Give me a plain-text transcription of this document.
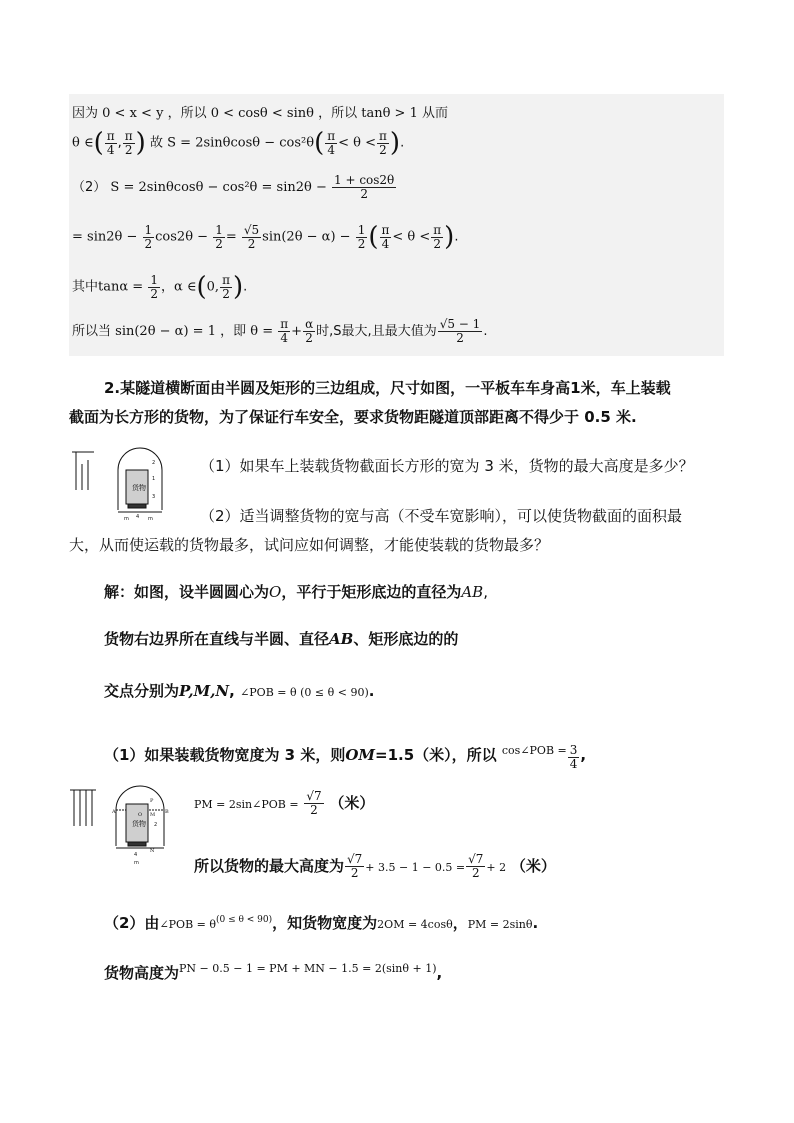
因为 0 < x < y ，所以 0 < cosθ < sinθ ，所以 tanθ > 1 从而
θ ∈( $\frac{\pi}{4}$ , $\frac{\pi}{2}$ ) 故 $S = 2\sin\theta\cos\theta - \cos^2\theta( \frac{\pi}{4} < \theta < \frac{\pi}{2}$ ).
（2） $S = 2\sin\theta\cos\theta - \cos^2\theta = \sin 2\theta - \frac{1 + \cos 2\theta}{2}$
= $\sin 2\theta - \frac{1}{2} \cos 2\theta - \frac{1}{2} = \frac{√5}{2} \sin(2\theta - \alpha) - \frac{1}{2}$ ( $\frac{\pi}{4} < \theta < \frac{\pi}{2}$ ).
其中$\tan\alpha = \frac{1}{2}$ ，α ∈(0, $\frac{\pi}{2}$ ).
所以当 sin(2θ − α) = 1 ，即 $\theta = \frac{\pi}{4} + \frac{\alpha}{2}$ 时,S最大,且最大值为 $\frac{√5 - 1}{2}$ .
2.某隧道横断面由半圆及矩形的三边组成，尺寸如图，一平板车车身高1米，车上装载
截面为长方形的货物，为了保证行车安全，要求货物距隧道顶部距离不得少于 0.5 米.
货物
2
1
3
4
m	m
（1）如果车上装载货物截面长方形的宽为 3 米，货物的最大高度是多少？
（2）适当调整货物的宽与高（不受车宽影响），可以使货物截面的面积最
大，从而使运载的货物最多，试问应如何调整，才能使装载的货物最多？
解：如图，设半圆圆心为O，平行于矩形底边的直径为AB,
货物右边界所在直线与半圆、直径AB、矩形底边的的
交点分别为P,M,N, ∠POB = θ (0 ≤ θ < 90).
（1）如果装载货物宽度为 3 米，则OM=1.5（米），所以 $^{cos\angle POB =} \frac{3}{4}$ ,
货物
A	O	B
P
M
N
2
4
m
PM = 2sin∠POB = $\frac{√7}{2}$ （米）
所以货物的最大高度为 $\frac{√7}{2} + 3.5 - 1 - 0.5 = \frac{√7}{2} + 2$ （米）
（2）由∠POB = $\theta^{(0 \le \theta < 90)}$，知货物宽度为2OM = 4cosθ，PM = 2sinθ.
货物高度为$^{PN - 0.5 - 1 = PM + MN - 1.5 = 2(sin\theta + 1)}$,
